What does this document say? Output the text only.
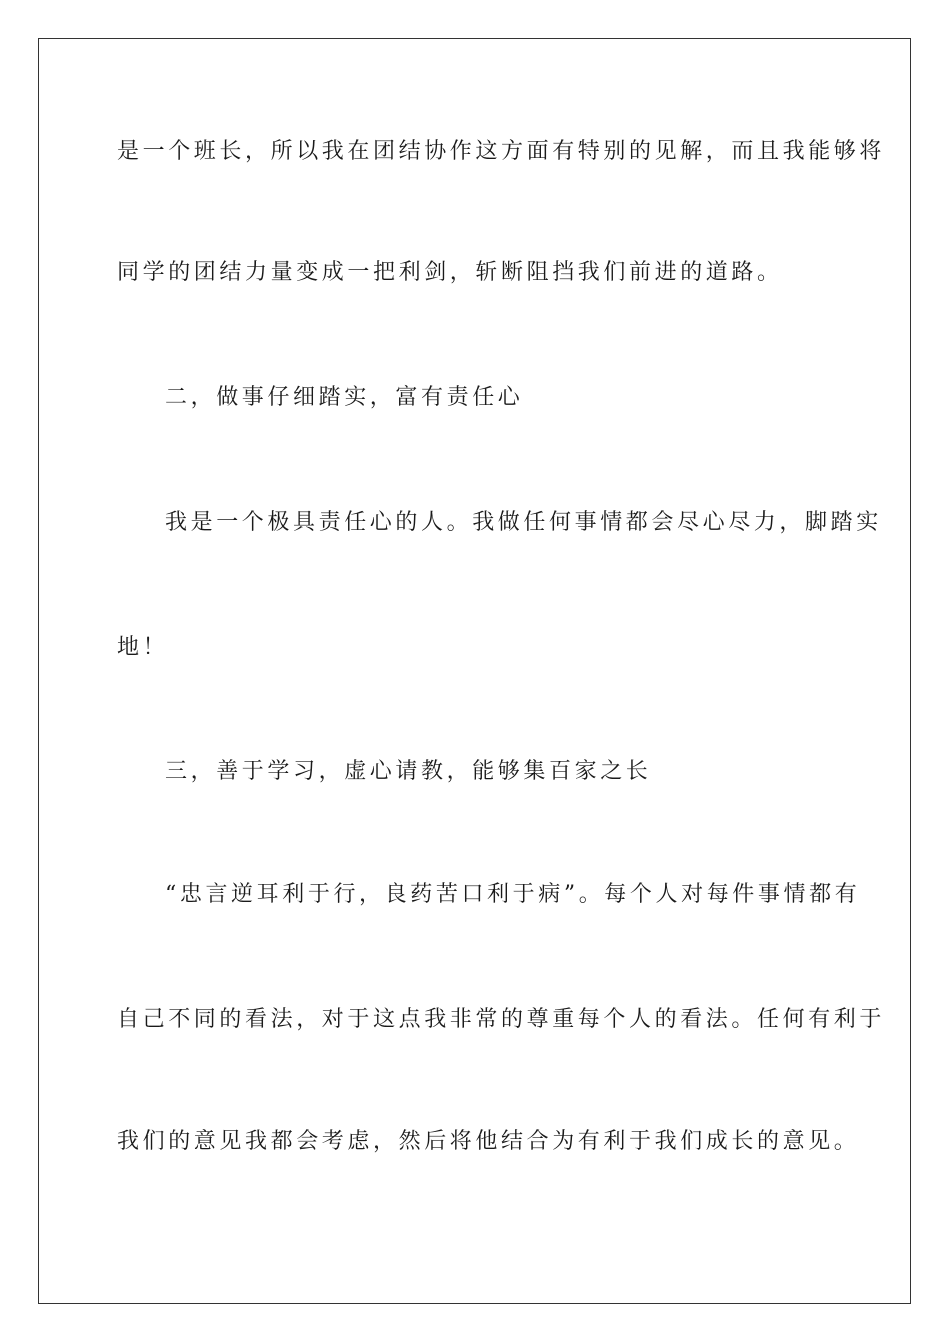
是一个班长，所以我在团结协作这方面有特别的见解，而且我能够将

同学的团结力量变成一把利剑，斩断阻挡我们前进的道路。

二，做事仔细踏实，富有责任心

我是一个极具责任心的人。我做任何事情都会尽心尽力，脚踏实

地！

三，善于学习，虚心请教，能够集百家之长

“忠言逆耳利于行，良药苦口利于病”。每个人对每件事情都有

自己不同的看法，对于这点我非常的尊重每个人的看法。任何有利于

我们的意见我都会考虑，然后将他结合为有利于我们成长的意见。
